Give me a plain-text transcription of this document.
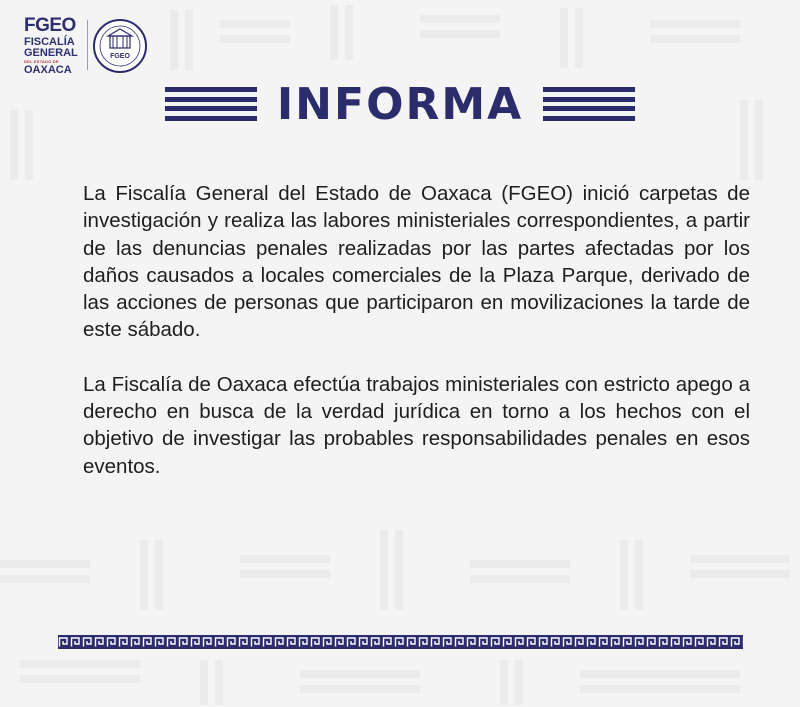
FGEO
FISCALÍA
GENERAL
DEL ESTADO DE
OAXACA
FGEO
INFORMA

La Fiscalía General del Estado de Oaxaca (FGEO) inició carpetas de investigación y realiza las labores ministeriales correspondientes, a partir de las denuncias penales realizadas por las partes afectadas por los daños causados a locales comerciales de la Plaza Parque, derivado de las acciones de personas que participaron en movilizaciones la tarde de este sábado.

La Fiscalía de Oaxaca efectúa trabajos ministeriales con estricto apego a derecho en busca de la verdad jurídica en torno a los hechos con el objetivo de investigar las probables responsabilidades penales en esos eventos.
